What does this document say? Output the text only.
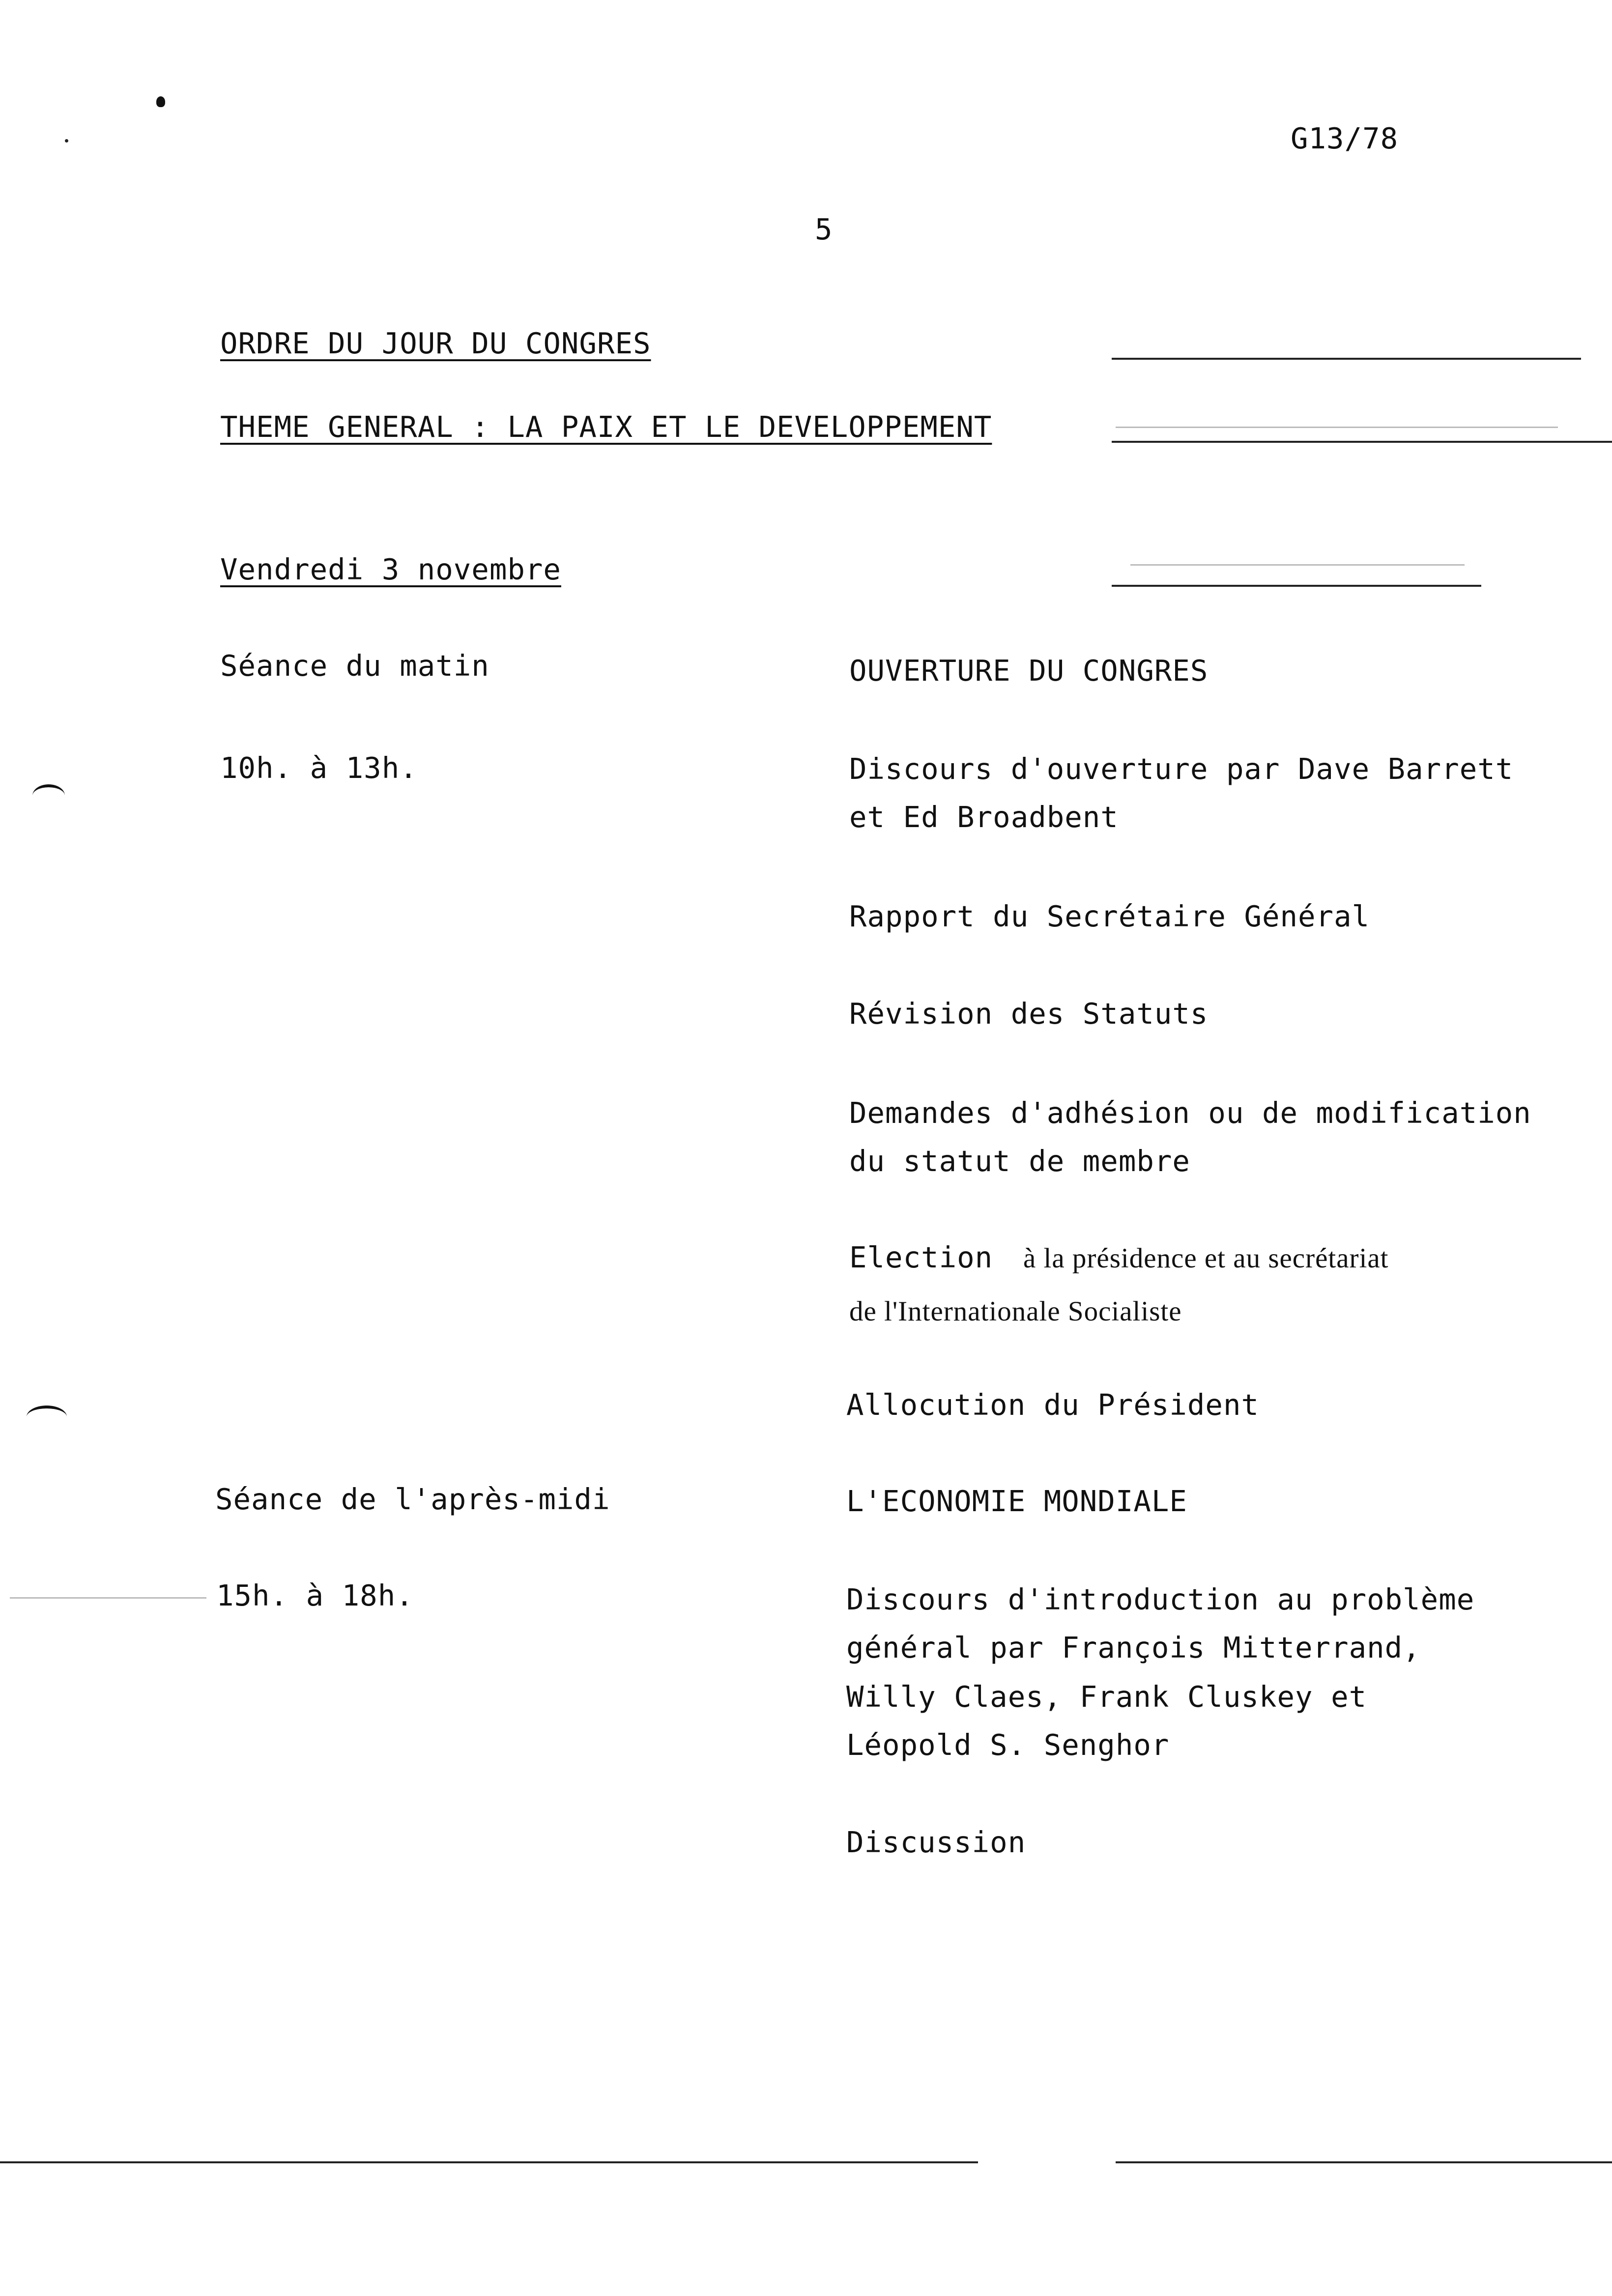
G13/78
5
ORDRE DU JOUR DU CONGRES
THEME GENERAL : LA PAIX ET LE DEVELOPPEMENT
Vendredi 3 novembre
Séance du matin
10h. à 13h.
OUVERTURE DU CONGRES
Discours d'ouverture par Dave Barrett
et Ed Broadbent
Rapport du Secrétaire Général
Révision des Statuts
Demandes d'adhésion ou de modification
du statut de membre
Election à la présidence et au secrétariat
de l'Internationale Socialiste
Allocution du Président
Séance de l'après-midi
15h. à 18h.
L'ECONOMIE MONDIALE
Discours d'introduction au problème
général par François Mitterrand,
Willy Claes, Frank Cluskey et
Léopold S. Senghor
Discussion
